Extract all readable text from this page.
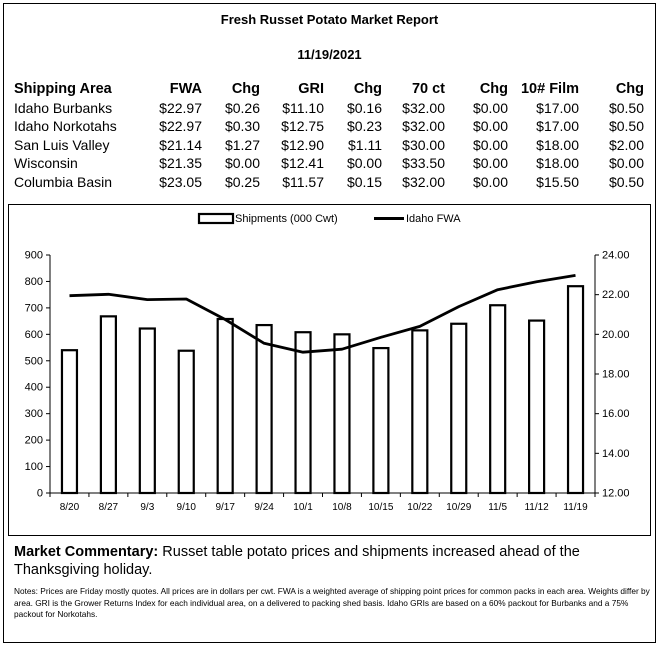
Fresh Russet Potato Market Report
11/19/2021
Shipping Area	FWA	Chg	GRI	Chg	70 ct	Chg	10# Film	Chg
Idaho Burbanks	$22.97	$0.26	$11.10	$0.16	$32.00	$0.00	$17.00	$0.50
Idaho Norkotahs	$22.97	$0.30	$12.75	$0.23	$32.00	$0.00	$17.00	$0.50
San Luis Valley	$21.14	$1.27	$12.90	$1.11	$30.00	$0.00	$18.00	$2.00
Wisconsin	$21.35	$0.00	$12.41	$0.00	$33.50	$0.00	$18.00	$0.00
Columbia Basin	$23.05	$0.25	$11.57	$0.15	$32.00	$0.00	$15.50	$0.50
Shipments (000 Cwt)	Idaho FWA
0
100
200
300
400
500
600
700
800
900
12.00
14.00
16.00
18.00
20.00
22.00
24.00
8/20 8/27 9/3 9/10 9/17 9/24 10/1 10/8 10/15 10/22 10/29 11/5 11/12 11/19
Market Commentary: Russet table potato prices and shipments increased ahead of the Thanksgiving holiday.
Notes: Prices are Friday mostly quotes. All prices are in dollars per cwt. FWA is a weighted average of shipping point prices for common packs in each area. Weights differ by area. GRI is the Grower Returns Index for each individual area, on a delivered to packing shed basis. Idaho GRIs are based on a 60% packout for Burbanks and a 75% packout for Norkotahs.
